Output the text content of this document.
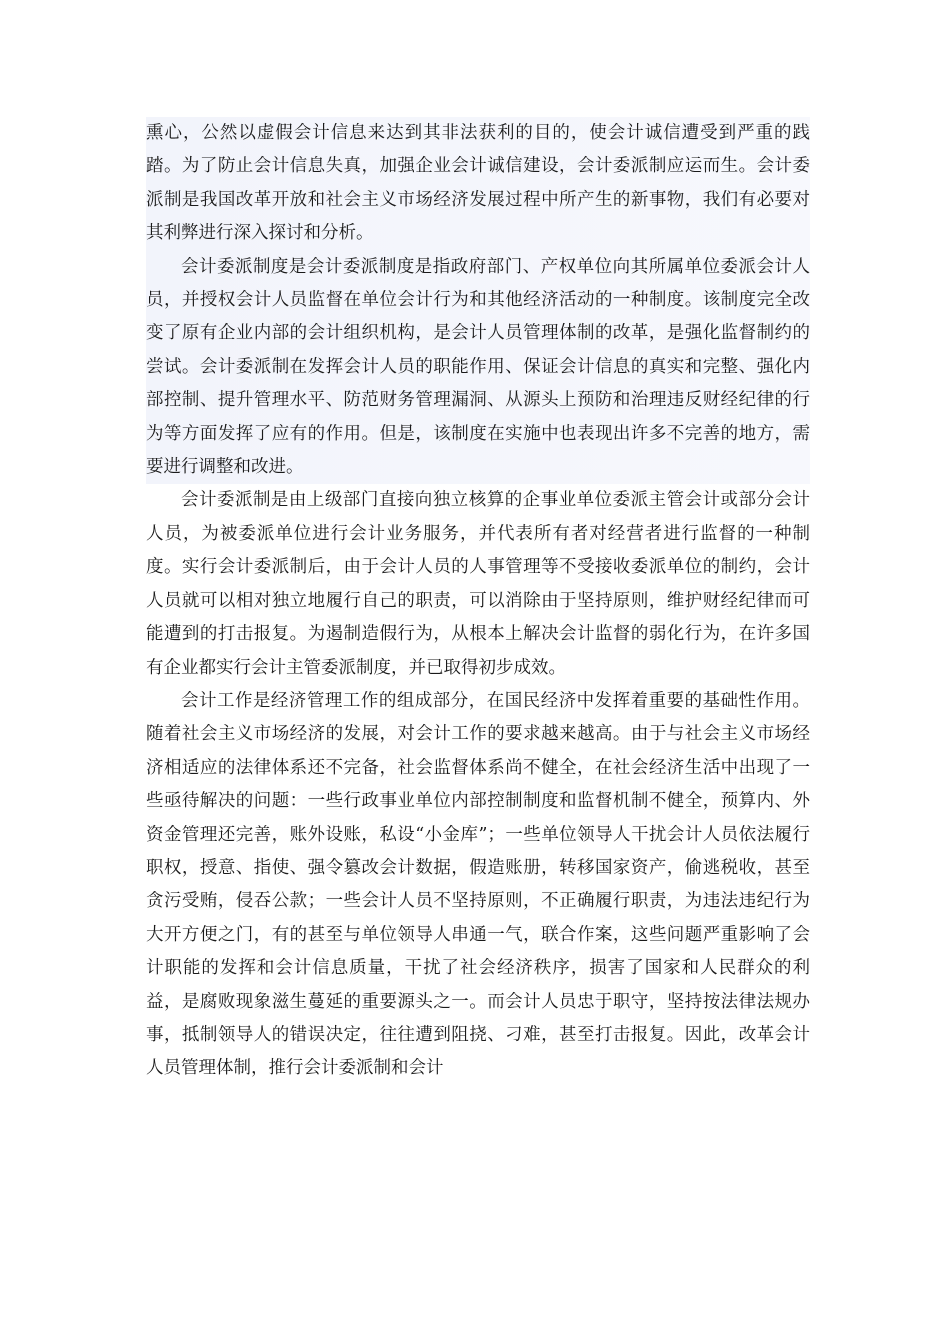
熏心，公然以虚假会计信息来达到其非法获利的目的，使会计诚信遭受到严重的践踏。为了防止会计信息失真，加强企业会计诚信建设，会计委派制应运而生。会计委派制是我国改革开放和社会主义市场经济发展过程中所产生的新事物，我们有必要对其利弊进行深入探讨和分析。

会计委派制度是会计委派制度是指政府部门、产权单位向其所属单位委派会计人员，并授权会计人员监督在单位会计行为和其他经济活动的一种制度。该制度完全改变了原有企业内部的会计组织机构，是会计人员管理体制的改革，是强化监督制约的尝试。会计委派制在发挥会计人员的职能作用、保证会计信息的真实和完整、强化内部控制、提升管理水平、防范财务管理漏洞、从源头上预防和治理违反财经纪律的行为等方面发挥了应有的作用。但是，该制度在实施中也表现出许多不完善的地方，需要进行调整和改进。

会计委派制是由上级部门直接向独立核算的企事业单位委派主管会计或部分会计人员，为被委派单位进行会计业务服务，并代表所有者对经营者进行监督的一种制度。实行会计委派制后，由于会计人员的人事管理等不受接收委派单位的制约，会计人员就可以相对独立地履行自己的职责，可以消除由于坚持原则，维护财经纪律而可能遭到的打击报复。为遏制造假行为，从根本上解决会计监督的弱化行为，在许多国有企业都实行会计主管委派制度，并已取得初步成效。

会计工作是经济管理工作的组成部分，在国民经济中发挥着重要的基础性作用。随着社会主义市场经济的发展，对会计工作的要求越来越高。由于与社会主义市场经济相适应的法律体系还不完备，社会监督体系尚不健全，在社会经济生活中出现了一些亟待解决的问题：一些行政事业单位内部控制制度和监督机制不健全，预算内、外资金管理还完善，账外设账，私设“小金库”；一些单位领导人干扰会计人员依法履行职权，授意、指使、强令篡改会计数据，假造账册，转移国家资产，偷逃税收，甚至贪污受贿，侵吞公款；一些会计人员不坚持原则，不正确履行职责，为违法违纪行为大开方便之门，有的甚至与单位领导人串通一气，联合作案，这些问题严重影响了会计职能的发挥和会计信息质量，干扰了社会经济秩序，损害了国家和人民群众的利益，是腐败现象滋生蔓延的重要源头之一。而会计人员忠于职守，坚持按法律法规办事，抵制领导人的错误决定，往往遭到阻挠、刁难，甚至打击报复。因此，改革会计人员管理体制，推行会计委派制和会计
